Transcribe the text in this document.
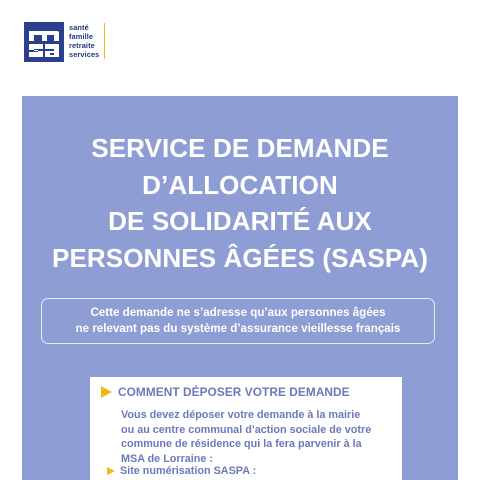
santé
famille
retraite
services
SERVICE DE DEMANDE
D’ALLOCATION
DE SOLIDARITÉ AUX
PERSONNES ÂGÉES (SASPA)
Cette demande ne s’adresse qu’aux personnes âgées
ne relevant pas du système d’assurance vieillesse français
COMMENT DÉPOSER VOTRE DEMANDE
Vous devez déposer votre demande à la mairie
ou au centre communal d’action sociale de votre
commune de résidence qui la fera parvenir à la
MSA de Lorraine :
Site numérisation SASPA :
